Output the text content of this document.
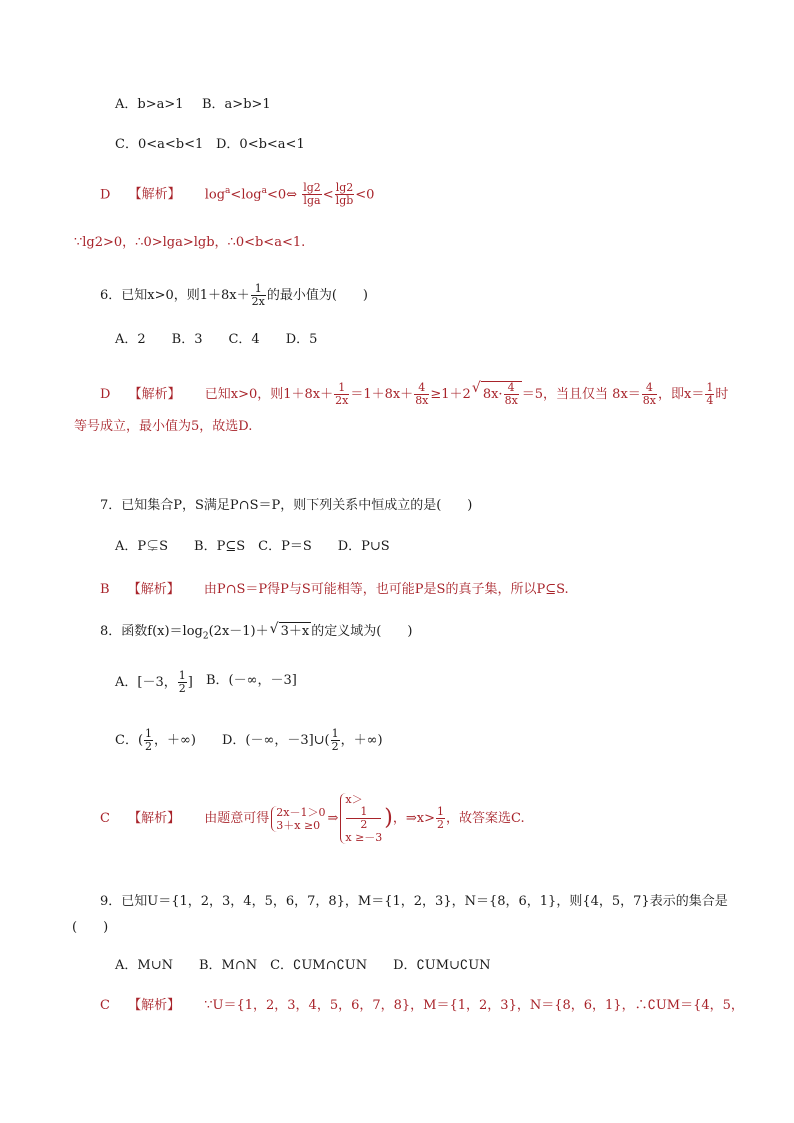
A．b>a>1 B．a>b>1
C．0<a<b<1 D．0<b<a<1
D 【解析】 $\log^a<\log^a<0\Leftrightarrow \frac{\lg 2}{\lg a} < \frac{\lg 2}{\lg b} <0$
∵lg2>0，∴0>lga>lgb，∴0<b<a<1.
6．已知x>0，则$1+8x+ \frac{1}{2x}$ 的最小值为(　　)
A．2　　B．3　　C．4　　D．5
D 【解析】 已知x>0，则$1+8x+ \frac{1}{2x} =1+8x+ \frac{4}{8x} \ge 1+2√$ $8x\cdot \frac{4}{8x} =5$，当且仅当 $8x= \frac{4}{8x}$ ，即$x= \frac{1}{4}$ 时
等号成立，最小值为5，故选D.
7．已知集合P，S满足P∩S＝P，则下列关系中恒成立的是(　　)
A．P⊊S　　B．P⊆S　C．P＝S　　D．P∪S
B 【解析】 由P∩S＝P得P与S可能相等，也可能P是S的真子集，所以P⊆S.
8．函数$f(x)=\log_2(2x-1)+√$ 3＋x 的定义域为(　　)
A．[－3， $\frac{1}{2}$ ] B．(－∞，－3]
C．( $\frac{1}{2}$ ，＋∞) D．(－∞，－3]∪( $\frac{1}{2}$ ，＋∞)
C 【解析】 由题意可得 2x－1＞0
3＋x ≥0 ⇒
x＞
1
2
x ≥－3
)，⇒x> $\frac{1}{2}$ ，故答案选C.
9．已知U＝{1，2，3，4，5，6，7，8}，M＝{1，2，3}，N＝{8，6，1}，则{4，5，7}表示的集合是
(　　)
A．M∪N　　B．M∩N　C．∁UM∩∁UN　　D．∁UM∪∁UN
C 【解析】 ∵U＝{1，2，3，4，5，6，7，8}，M＝{1，2，3}，N＝{8，6，1}，∴∁UM＝{4，5，
